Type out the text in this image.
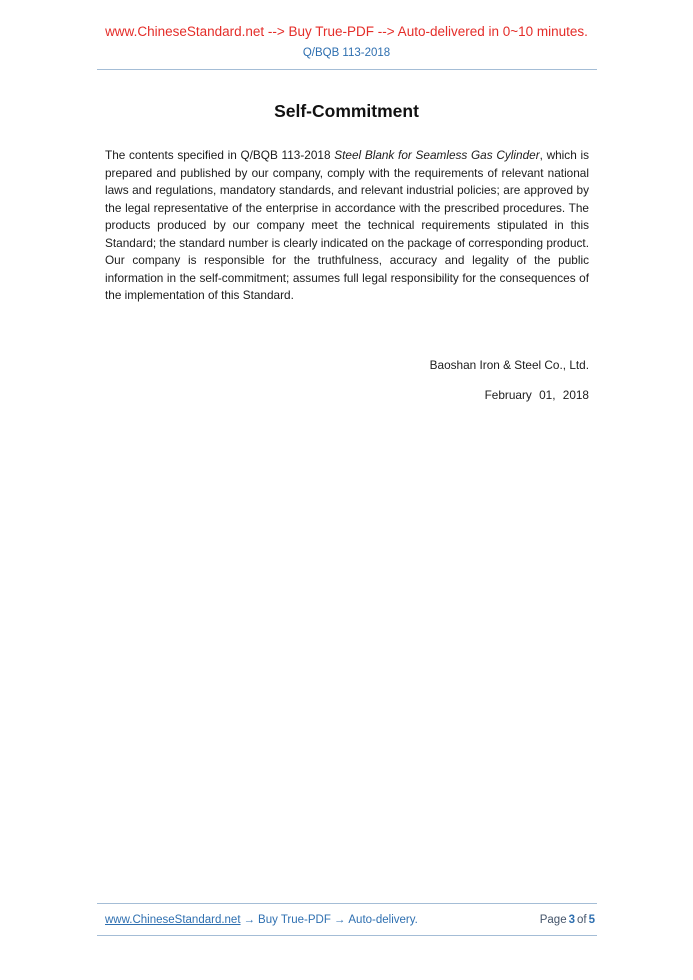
www.ChineseStandard.net --> Buy True-PDF --> Auto-delivered in 0~10 minutes.
Q/BQB 113-2018
Self-Commitment

The contents specified in Q/BQB 113-2018 Steel Blank for Seamless Gas Cylinder, which is prepared and published by our company, comply with the requirements of relevant national laws and regulations, mandatory standards, and relevant industrial policies; are approved by the legal representative of the enterprise in accordance with the prescribed procedures. The products produced by our company meet the technical requirements stipulated in this Standard; the standard number is clearly indicated on the package of corresponding product. Our company is responsible for the truthfulness, accuracy and legality of the public information in the self-commitment; assumes full legal responsibility for the consequences of the implementation of this Standard.

Baoshan Iron & Steel Co., Ltd.
February 01, 2018
www.ChineseStandard.net → Buy True-PDF → Auto-delivery.	Page 3 of 5
